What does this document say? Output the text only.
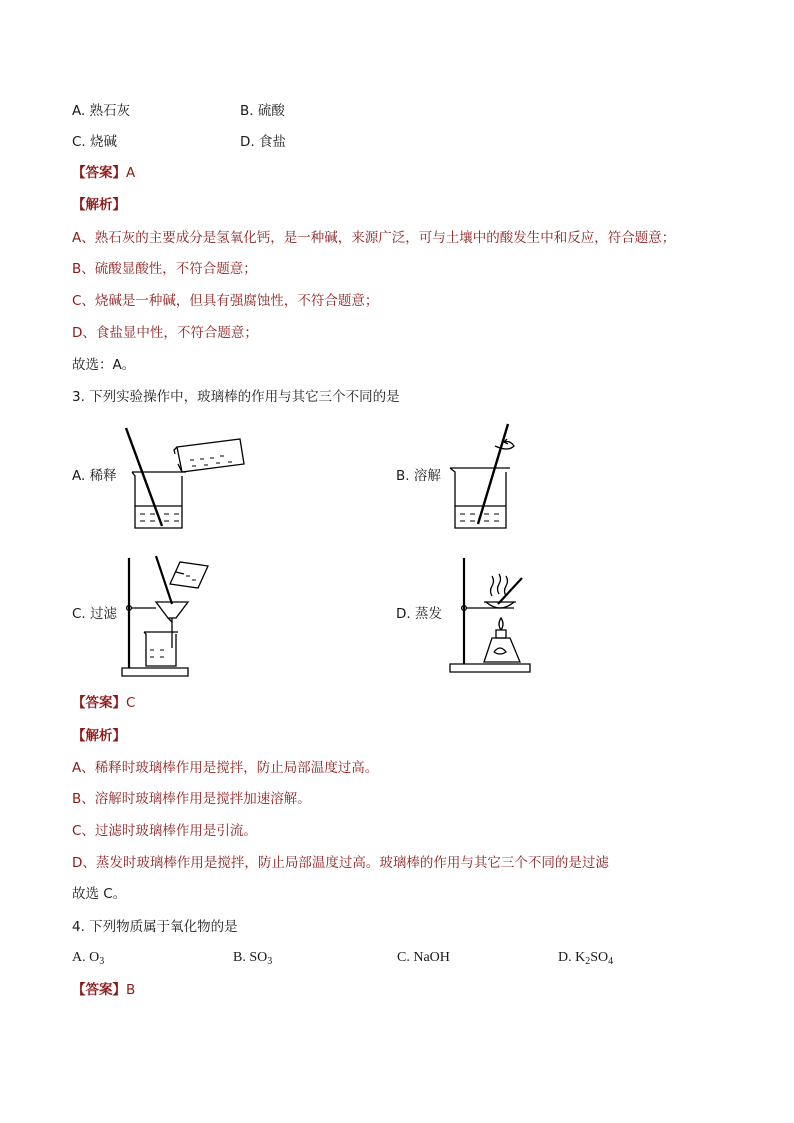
A. 熟石灰	B. 硫酸
C. 烧碱	D. 食盐
【答案】A
【解析】
A、熟石灰的主要成分是氢氧化钙，是一种碱，来源广泛，可与土壤中的酸发生中和反应，符合题意；
B、硫酸显酸性，不符合题意；
C、烧碱是一种碱，但具有强腐蚀性，不符合题意；
D、食盐显中性，不符合题意；
故选：A。
3. 下列实验操作中，玻璃棒的作用与其它三个不同的是
A. 稀释	B. 溶解
C. 过滤	D. 蒸发
【答案】C
【解析】
A、稀释时玻璃棒作用是搅拌，防止局部温度过高。
B、溶解时玻璃棒作用是搅拌加速溶解。
C、过滤时玻璃棒作用是引流。
D、蒸发时玻璃棒作用是搅拌，防止局部温度过高。玻璃棒的作用与其它三个不同的是过滤
故选 C。
4. 下列物质属于氧化物的是
A. $O_3$	B. $SO_3$	C. NaOH	D. $K_2SO_4$
【答案】B
